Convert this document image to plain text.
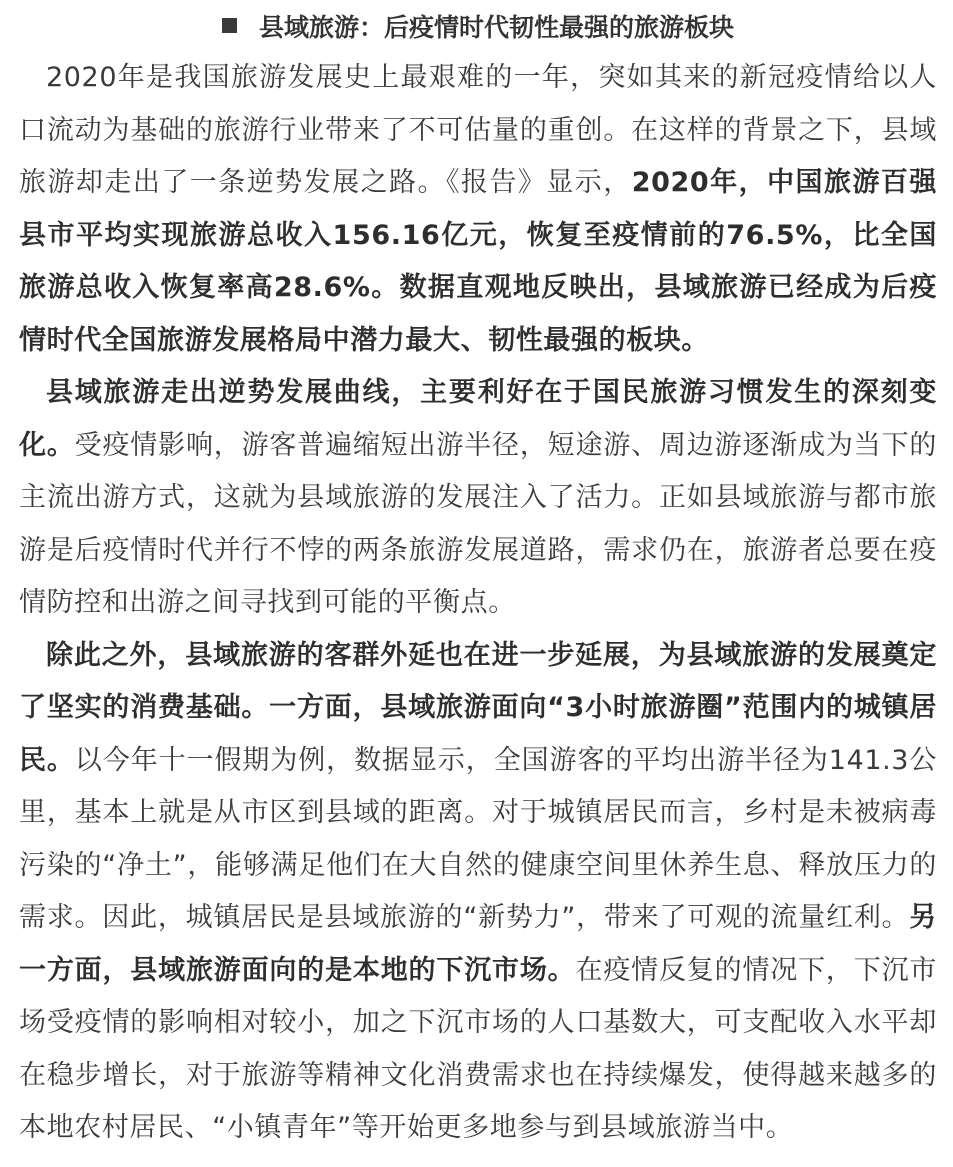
县域旅游：后疫情时代韧性最强的旅游板块

2020年是我国旅游发展史上最艰难的一年，突如其来的新冠疫情给以人口流动为基础的旅游行业带来了不可估量的重创。在这样的背景之下，县域旅游却走出了一条逆势发展之路。《报告》显示，2020年，中国旅游百强县市平均实现旅游总收入156.16亿元，恢复至疫情前的76.5%，比全国旅游总收入恢复率高28.6%。数据直观地反映出，县域旅游已经成为后疫情时代全国旅游发展格局中潜力最大、韧性最强的板块。

县域旅游走出逆势发展曲线，主要利好在于国民旅游习惯发生的深刻变化。受疫情影响，游客普遍缩短出游半径，短途游、周边游逐渐成为当下的主流出游方式，这就为县域旅游的发展注入了活力。正如县域旅游与都市旅游是后疫情时代并行不悖的两条旅游发展道路，需求仍在，旅游者总要在疫情防控和出游之间寻找到可能的平衡点。

除此之外，县域旅游的客群外延也在进一步延展，为县域旅游的发展奠定了坚实的消费基础。一方面，县域旅游面向“3小时旅游圈”范围内的城镇居民。以今年十一假期为例，数据显示，全国游客的平均出游半径为141.3公里，基本上就是从市区到县域的距离。对于城镇居民而言，乡村是未被病毒污染的“净土”，能够满足他们在大自然的健康空间里休养生息、释放压力的需求。因此，城镇居民是县域旅游的“新势力”，带来了可观的流量红利。另一方面，县域旅游面向的是本地的下沉市场。在疫情反复的情况下，下沉市场受疫情的影响相对较小，加之下沉市场的人口基数大，可支配收入水平却在稳步增长，对于旅游等精神文化消费需求也在持续爆发，使得越来越多的本地农村居民、“小镇青年”等开始更多地参与到县域旅游当中。
